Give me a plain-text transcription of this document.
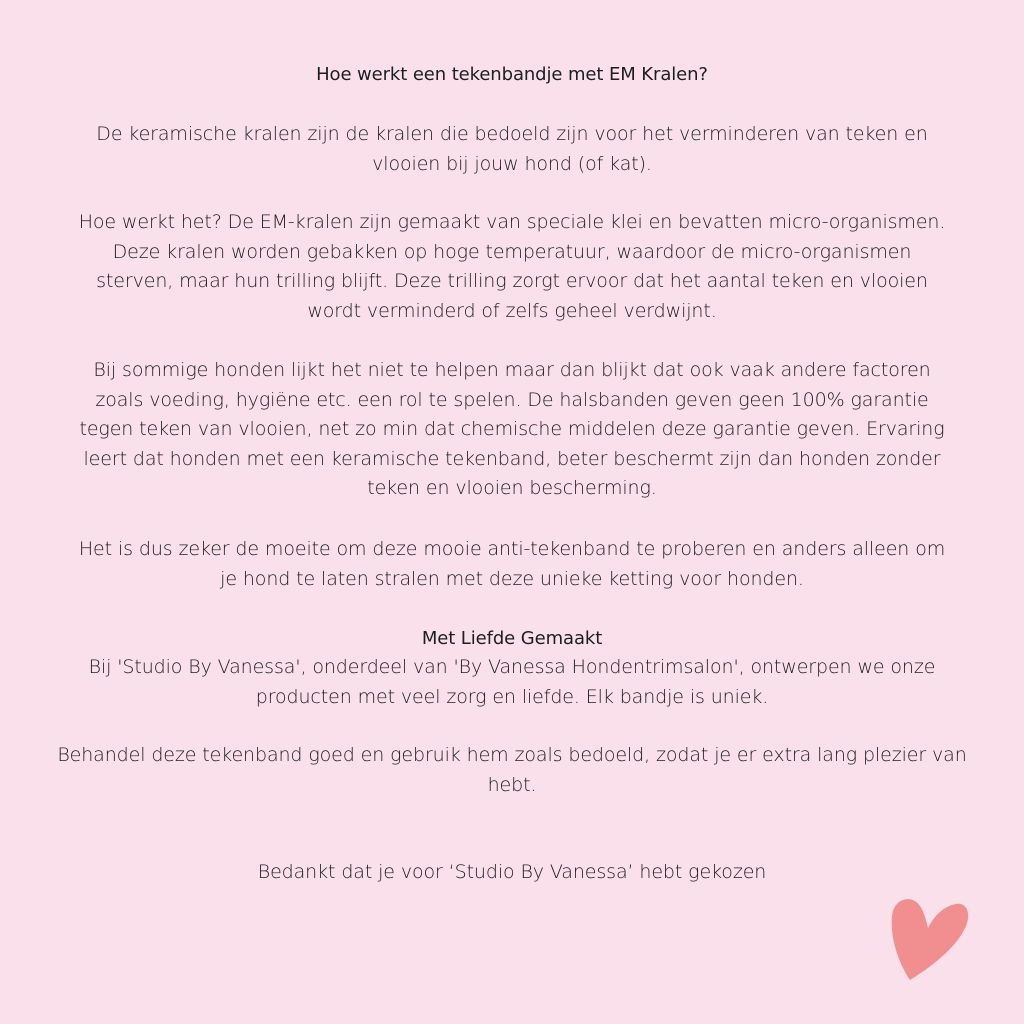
Hoe werkt een tekenbandje met EM Kralen?

De keramische kralen zijn de kralen die bedoeld zijn voor het verminderen van teken en vlooien bij jouw hond (of kat).

Hoe werkt het? De EM-kralen zijn gemaakt van speciale klei en bevatten micro-organismen. Deze kralen worden gebakken op hoge temperatuur, waardoor de micro-organismen sterven, maar hun trilling blijft. Deze trilling zorgt ervoor dat het aantal teken en vlooien wordt verminderd of zelfs geheel verdwijnt.

Bij sommige honden lijkt het niet te helpen maar dan blijkt dat ook vaak andere factoren zoals voeding, hygiëne etc. een rol te spelen. De halsbanden geven geen 100% garantie tegen teken van vlooien, net zo min dat chemische middelen deze garantie geven. Ervaring leert dat honden met een keramische tekenband, beter beschermt zijn dan honden zonder teken en vlooien bescherming.

Het is dus zeker de moeite om deze mooie anti-tekenband te proberen en anders alleen om je hond te laten stralen met deze unieke ketting voor honden.

Met Liefde Gemaakt

Bij 'Studio By Vanessa', onderdeel van 'By Vanessa Hondentrimsalon', ontwerpen we onze producten met veel zorg en liefde. Elk bandje is uniek.

Behandel deze tekenband goed en gebruik hem zoals bedoeld, zodat je er extra lang plezier van hebt.

Bedankt dat je voor ‘Studio By Vanessa’ hebt gekozen
